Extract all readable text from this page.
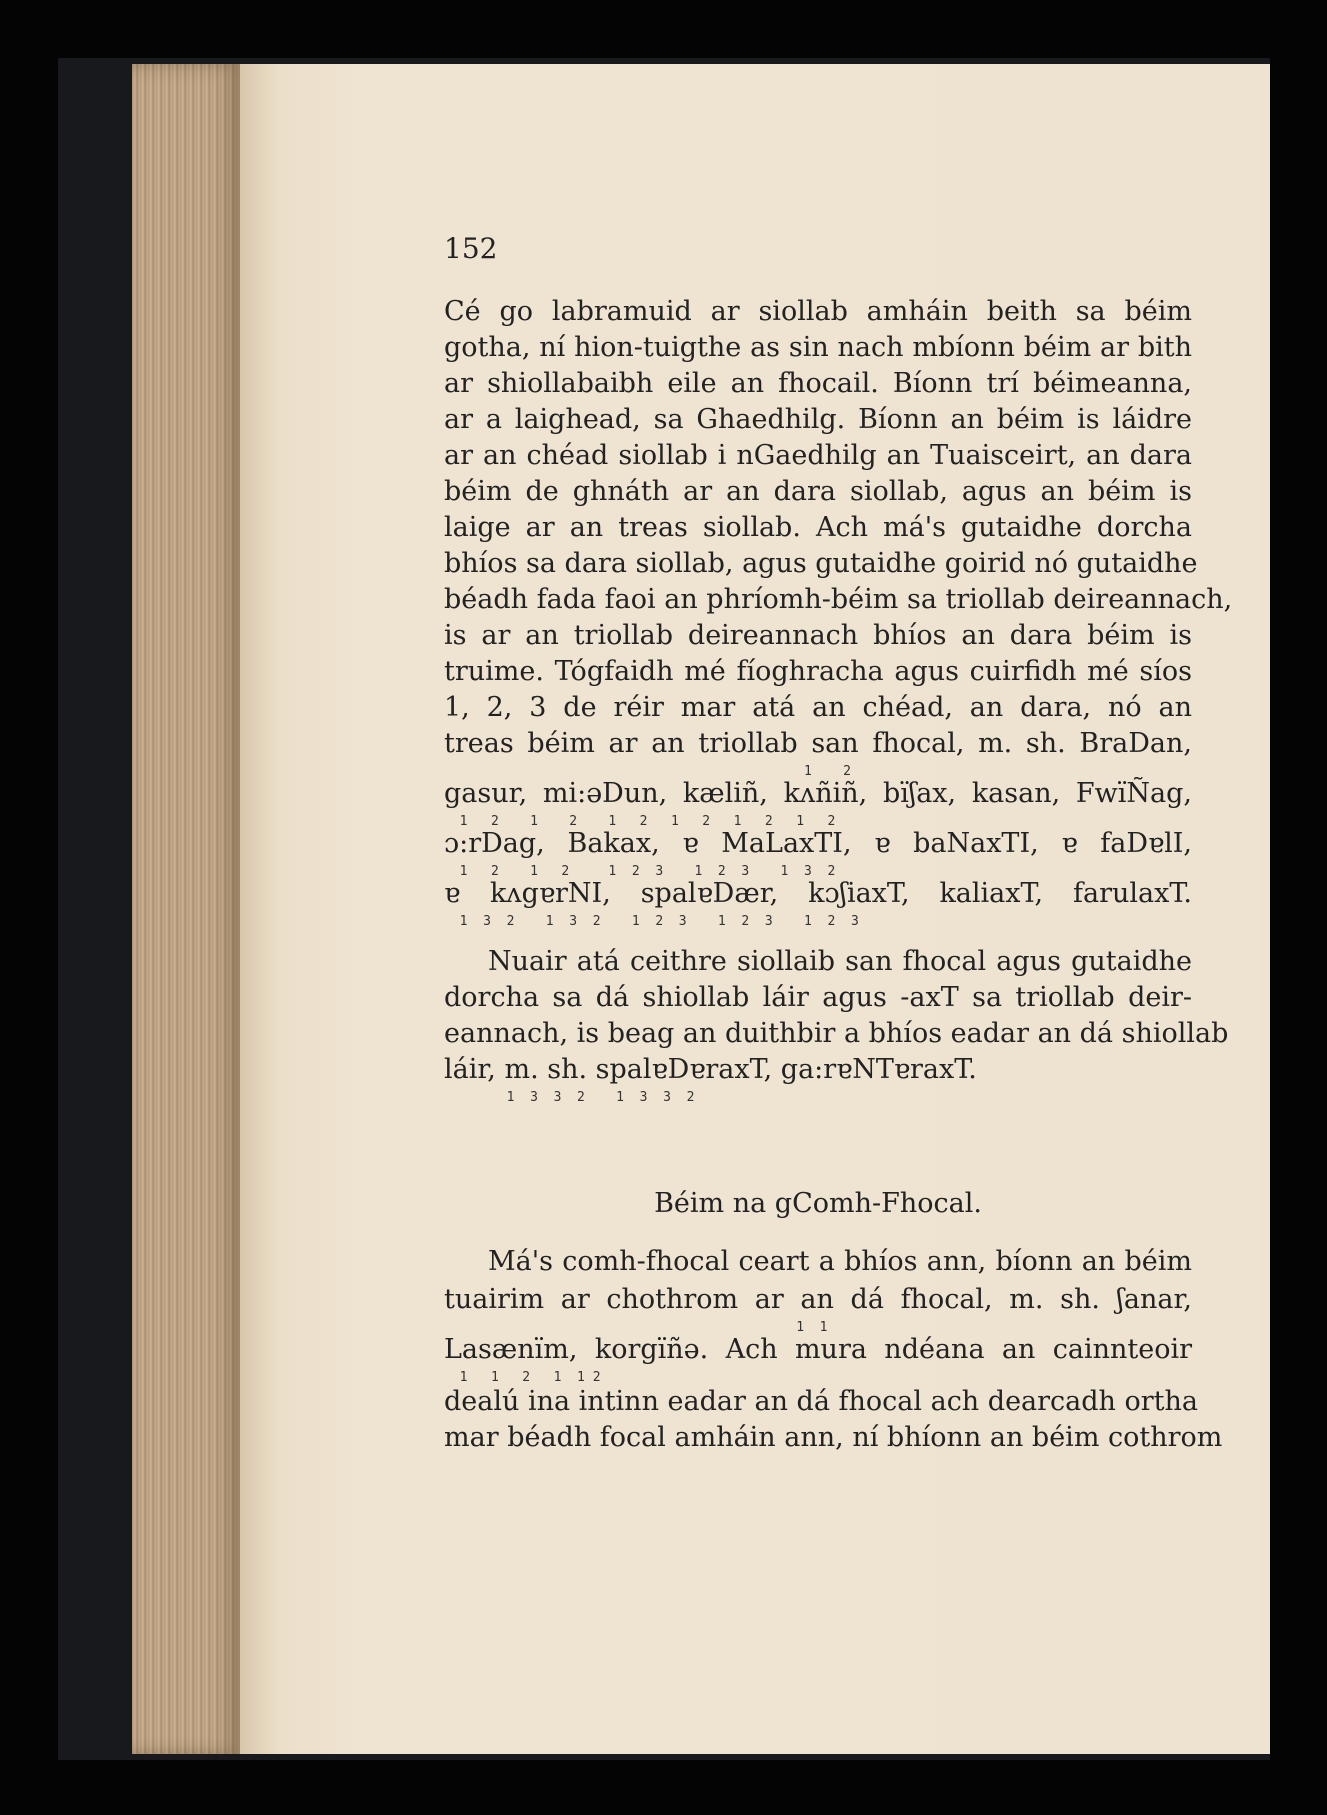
152
Cé go labramuid ar siollab amháin beith sa béim
gotha, ní hion-tuigthe as sin nach mbíonn béim ar bith
ar shiollabaibh eile an fhocail. Bíonn trí béimeanna,
ar a laighead, sa Ghaedhilg. Bíonn an béim is láidre
ar an chéad siollab i nGaedhilg an Tuaisceirt, an dara
béim de ghnáth ar an dara siollab, agus an béim is
laige ar an treas siollab. Ach má's gutaidhe dorcha
bhíos sa dara siollab, agus gutaidhe goirid nó gutaidhe
béadh fada faoi an phríomh-béim sa triollab deireannach,
is ar an triollab deireannach bhíos an dara béim is
truime. Tógfaidh mé fíoghracha agus cuirfidh mé síos
1, 2, 3 de réir mar atá an chéad, an dara, nó an
treas béim ar an triollab san fhocal, m. sh. BraDan,
1    2
gasur, mi:əDun, kæliñ, kʌñiñ, bïʃax, kasan, FwïÑag,
1   2    1    2    1   2   1   2   1   2   1   2
ɔ:rDag, Bakax, ɐ MaLaxTI, ɐ baNaxTI, ɐ faDɐlI,
1   2    1   2     1  2  3    1  2  3    1  3  2
ɐ kʌgɐrNI, spalɐDær, kɔʃiaxT, kaliaxT, farulaxT.
1  3  2    1  3  2    1  2  3    1  2  3    1  2  3
Nuair atá ceithre siollaib san fhocal agus gutaidhe
dorcha sa dá shiollab láir agus -axT sa triollab deir-
eannach, is beag an duithbir a bhíos eadar an dá shiollab
láir, m. sh. spalɐDɐraxT, ga:rɐNTɐraxT.
1  3  3  2    1  3  3  2
Béim na gComh-Fhocal.
Má's comh-fhocal ceart a bhíos ann, bíonn an béim
tuairim ar chothrom ar an dá fhocal, m. sh. ʃanar,
1  1
Lasænïm, korgïñə. Ach mura ndéana an cainnteoir
1   1   2   1  1 2
dealú ina intinn eadar an dá fhocal ach dearcadh ortha
mar béadh focal amháin ann, ní bhíonn an béim cothrom
